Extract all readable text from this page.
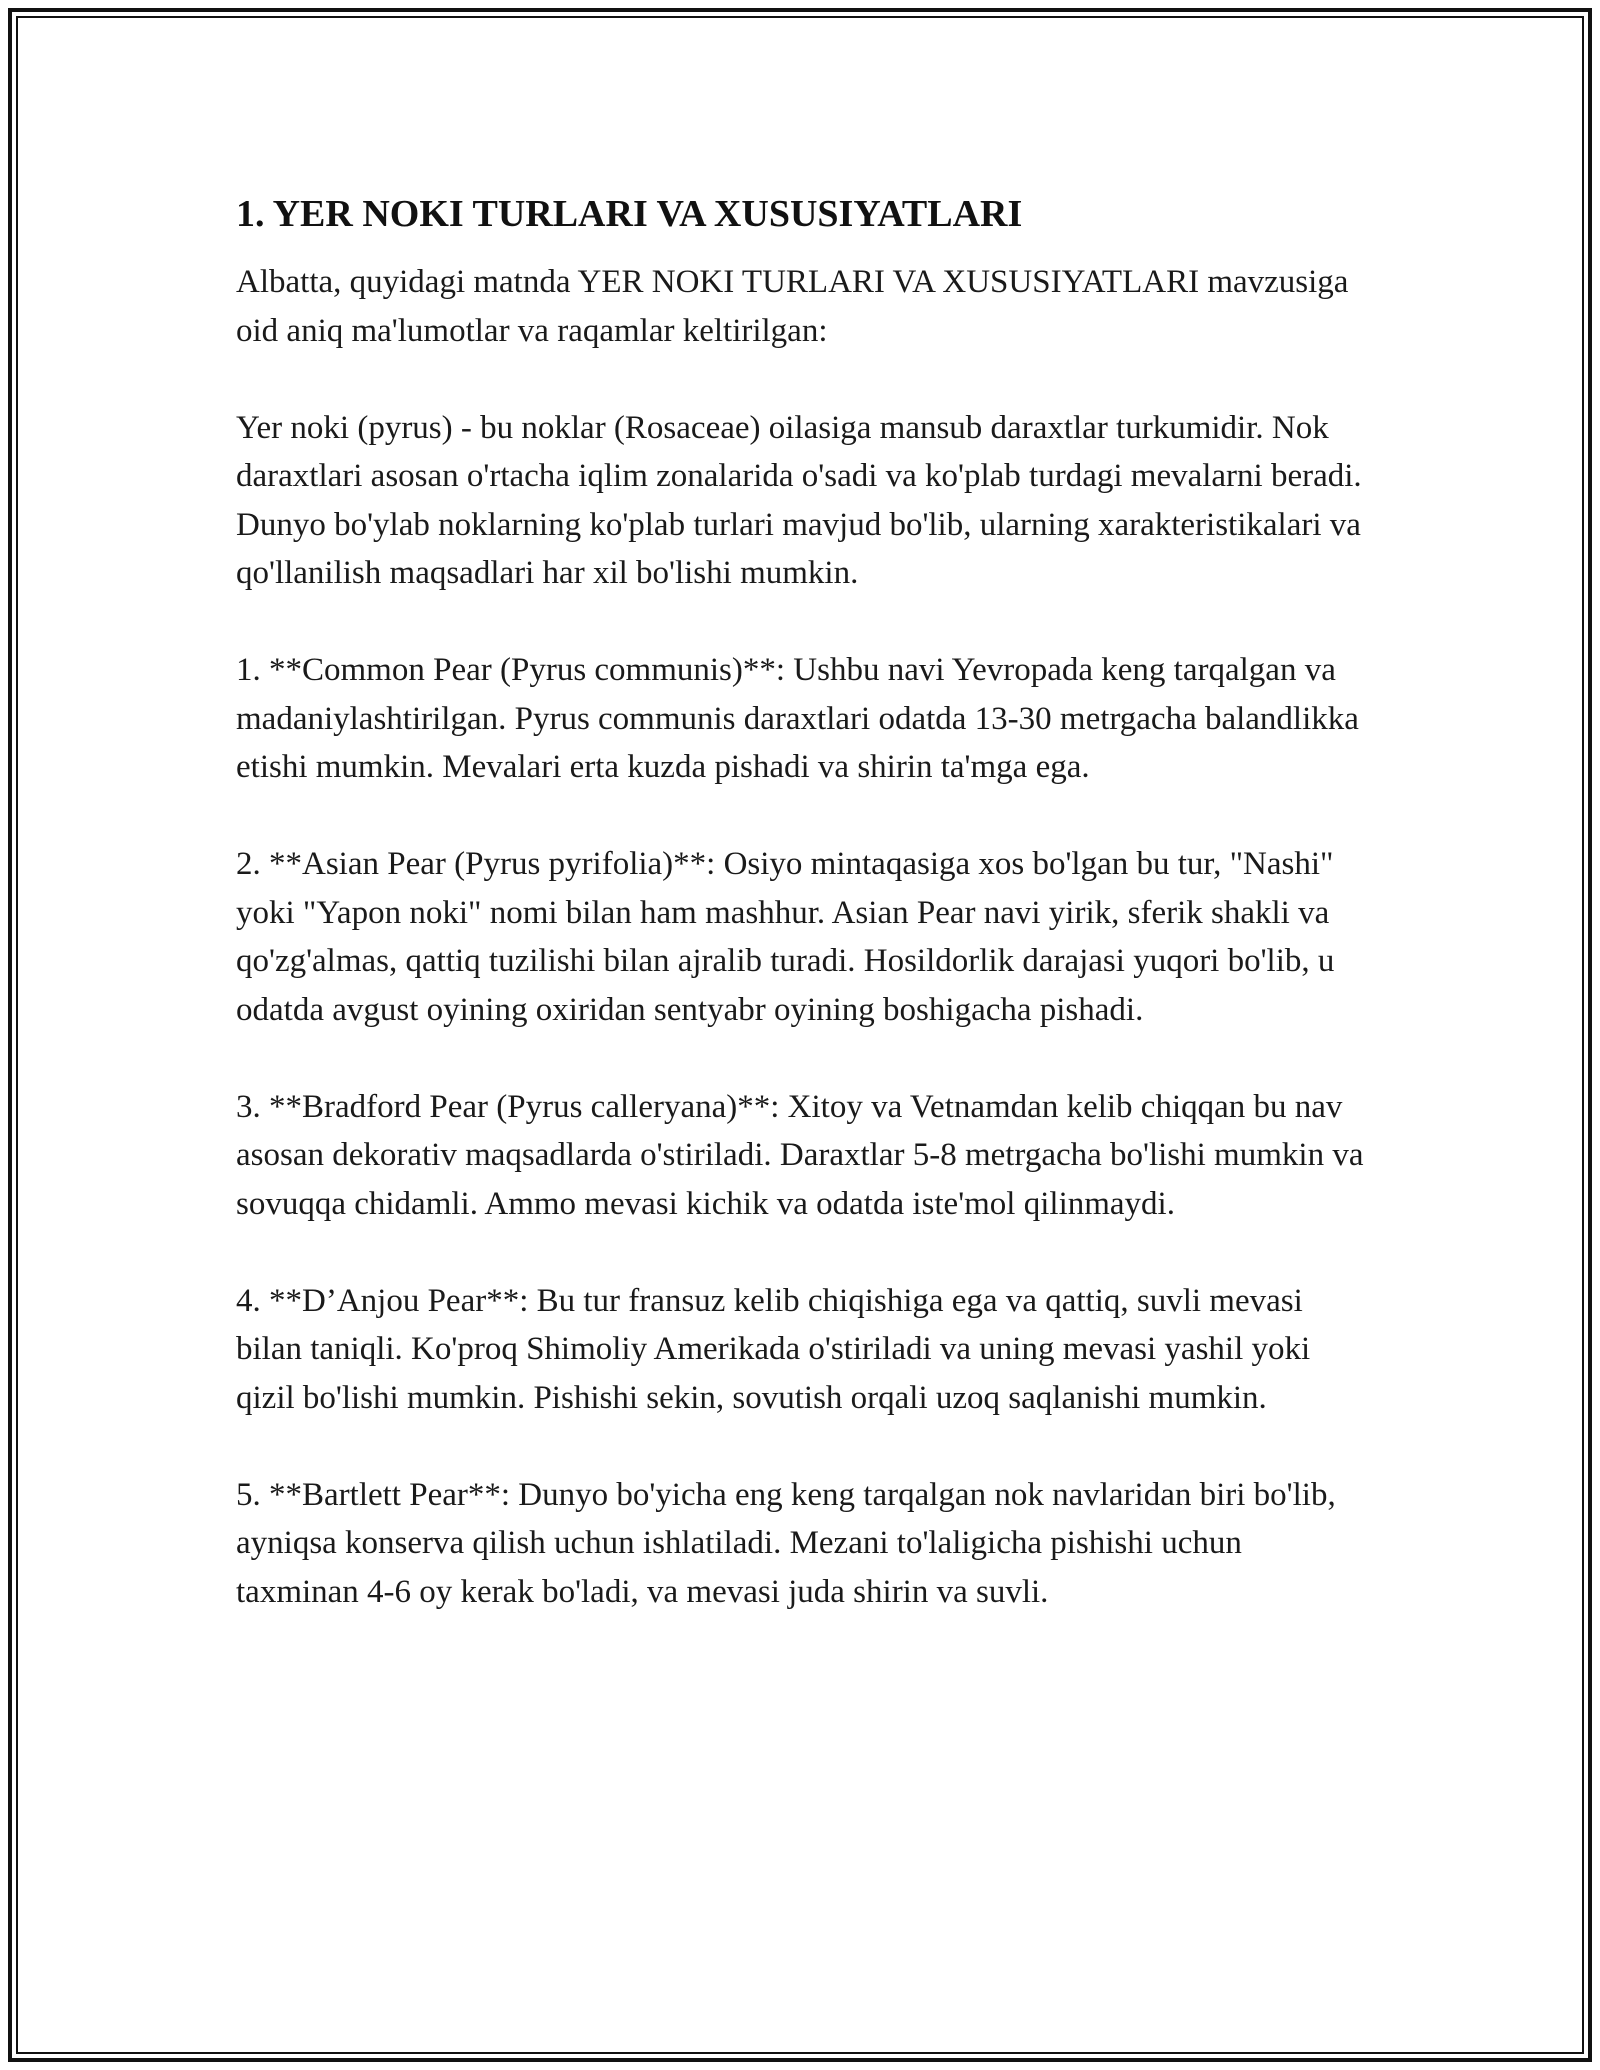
1. YER NOKI TURLARI VA XUSUSIYATLARI

Albatta, quyidagi matnda YER NOKI TURLARI VA XUSUSIYATLARI mavzusiga oid aniq ma'lumotlar va raqamlar keltirilgan:

Yer noki (pyrus) - bu noklar (Rosaceae) oilasiga mansub daraxtlar turkumidir. Nok daraxtlari asosan o'rtacha iqlim zonalarida o'sadi va ko'plab turdagi mevalarni beradi. Dunyo bo'ylab noklarning ko'plab turlari mavjud bo'lib, ularning xarakteristikalari va qo'llanilish maqsadlari har xil bo'lishi mumkin.

1. **Common Pear (Pyrus communis)**: Ushbu navi Yevropada keng tarqalgan va madaniylashtirilgan. Pyrus communis daraxtlari odatda 13-30 metrgacha balandlikka etishi mumkin. Mevalari erta kuzda pishadi va shirin ta'mga ega.

2. **Asian Pear (Pyrus pyrifolia)**: Osiyo mintaqasiga xos bo'lgan bu tur, "Nashi" yoki "Yapon noki" nomi bilan ham mashhur. Asian Pear navi yirik, sferik shakli va qo'zg'almas, qattiq tuzilishi bilan ajralib turadi. Hosildorlik darajasi yuqori bo'lib, u odatda avgust oyining oxiridan sentyabr oyining boshigacha pishadi.

3. **Bradford Pear (Pyrus calleryana)**: Xitoy va Vetnamdan kelib chiqqan bu nav asosan dekorativ maqsadlarda o'stiriladi. Daraxtlar 5-8 metrgacha bo'lishi mumkin va sovuqqa chidamli. Ammo mevasi kichik va odatda iste'mol qilinmaydi.

4. **D’Anjou Pear**: Bu tur fransuz kelib chiqishiga ega va qattiq, suvli mevasi bilan taniqli. Ko'proq Shimoliy Amerikada o'stiriladi va uning mevasi yashil yoki qizil bo'lishi mumkin. Pishishi sekin, sovutish orqali uzoq saqlanishi mumkin.

5. **Bartlett Pear**: Dunyo bo'yicha eng keng tarqalgan nok navlaridan biri bo'lib, ayniqsa konserva qilish uchun ishlatiladi. Mezani to'laligicha pishishi uchun taxminan 4-6 oy kerak bo'ladi, va mevasi juda shirin va suvli.
